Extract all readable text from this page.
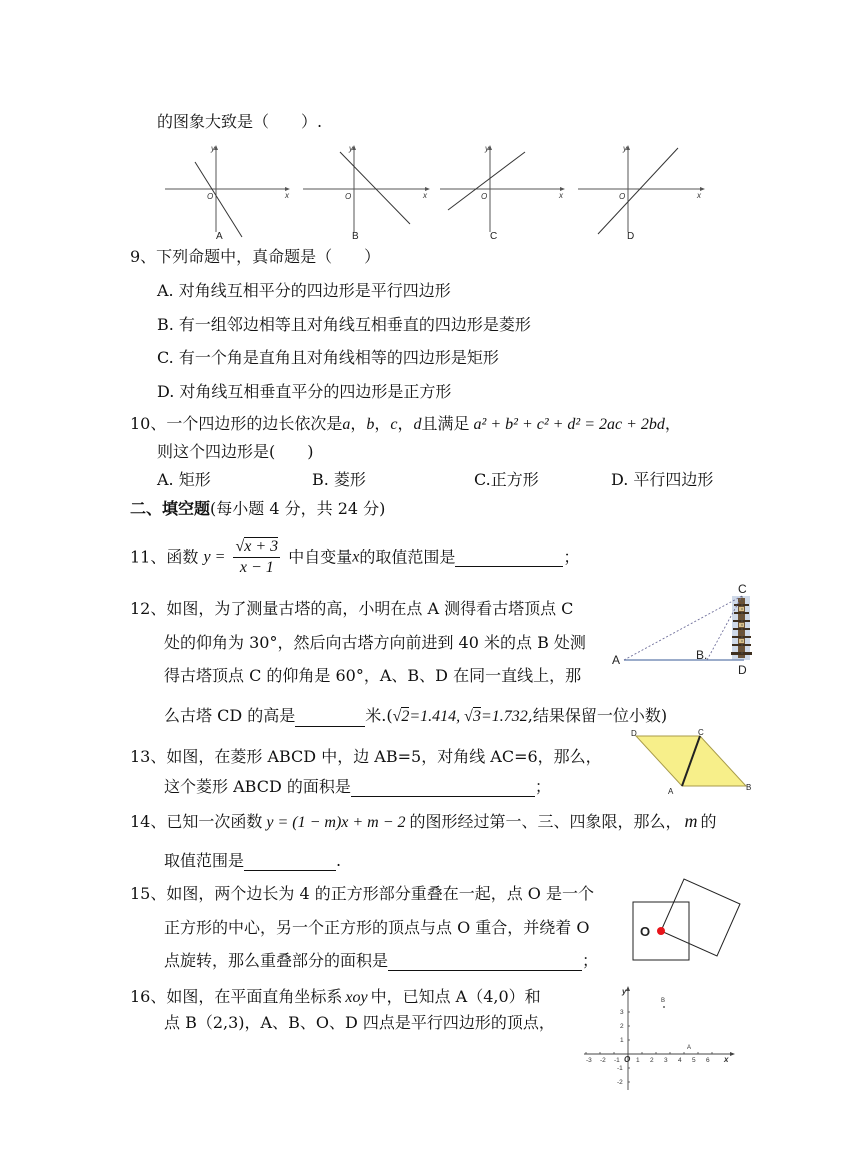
的图象大致是（　　）.
y
x
O
y
x
O
y
x
O
y
x
O
A	B	C	D
9、下列命题中，真命题是（　　）
A. 对角线互相平分的四边形是平行四边形
B. 有一组邻边相等且对角线互相垂直的四边形是菱形
C. 有一个角是直角且对角线相等的四边形是矩形
D. 对角线互相垂直平分的四边形是正方形
10、一个四边形的边长依次是a，b，c，d且满足 a² + b² + c² + d² = 2ac + 2bd，
则这个四边形是(　　)
A. 矩形	B. 菱形	C.正方形	D. 平行四边形
二、填空题(每小题 4 分，共 24 分)
11、函数 $y = \frac{√x + 3}{x - 1}$ 中自变量x的取值范围是	；
12、如图，为了测量古塔的高，小明在点 A 测得看古塔顶点 C
处的仰角为 30°，然后向古塔方向前进到 40 米的点 B 处测
得古塔顶点 C 的仰角是 60°，A、B、D 在同一直线上，那
么古塔 CD 的高是	米.(√2=1.414, √3=1.732,结果保留一位小数)
A	B.
C
D
13、如图，在菱形 ABCD 中，边 AB=5，对角线 AC=6，那么，
这个菱形 ABCD 的面积是	；
D	C
B
A
14、已知一次函数 y = (1 − m)x + m − 2 的图形经过第一、三、四象限，那么， m 的
取值范围是	.
15、如图，两个边长为 4 的正方形部分重叠在一起，点 O 是一个
正方形的中心，另一个正方形的顶点与点 O 重合，并绕着 O
点旋转，那么重叠部分的面积是	；
O
16、如图，在平面直角坐标系 xoy 中，已知点 A（4,0）和
点 B（2,3)，A、B、O、D 四点是平行四边形的顶点，
-3 -2 -1 O 1 2 3 4 5 6
3
2
1
-1
-2
x
y
B
A
